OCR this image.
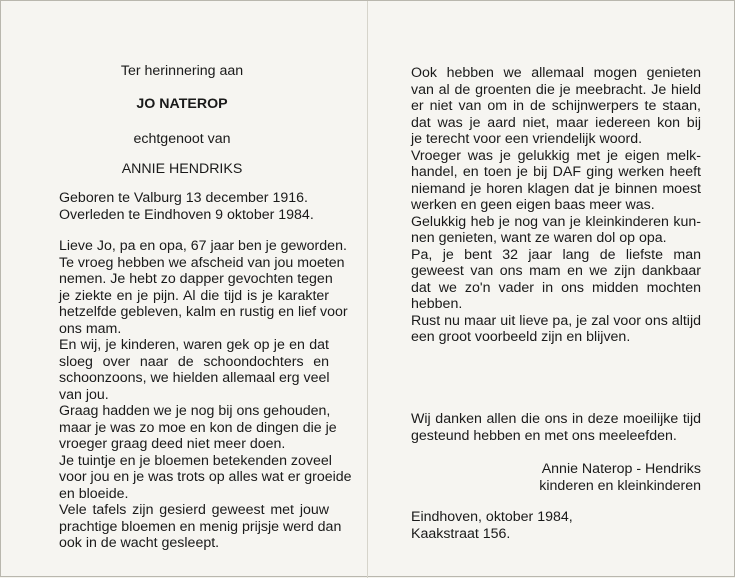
Ter herinnering aan
JO NATEROP
echtgenoot van
ANNIE HENDRIKS
Geboren te Valburg 13 december 1916.
Overleden te Eindhoven 9 oktober 1984.
Lieve Jo, pa en opa, 67 jaar ben je geworden.
Te vroeg hebben we afscheid van jou moeten
nemen. Je hebt zo dapper gevochten tegen
je ziekte en je pijn. Al die tijd is je karakter
hetzelfde gebleven, kalm en rustig en lief voor
ons mam.
En wij, je kinderen, waren gek op je en dat
sloeg over naar de schoondochters en
schoonzoons, we hielden allemaal erg veel
van jou.
Graag hadden we je nog bij ons gehouden,
maar je was zo moe en kon de dingen die je
vroeger graag deed niet meer doen.
Je tuintje en je bloemen betekenden zoveel
voor jou en je was trots op alles wat er groeide
en bloeide.
Vele tafels zijn gesierd geweest met jouw
prachtige bloemen en menig prijsje werd dan
ook in de wacht gesleept.
Ook hebben we allemaal mogen genieten
van al de groenten die je meebracht. Je hield
er niet van om in de schijnwerpers te staan,
dat was je aard niet, maar iedereen kon bij
je terecht voor een vriendelijk woord.
Vroeger was je gelukkig met je eigen melk-
handel, en toen je bij DAF ging werken heeft
niemand je horen klagen dat je binnen moest
werken en geen eigen baas meer was.
Gelukkig heb je nog van je kleinkinderen kun-
nen genieten, want ze waren dol op opa.
Pa, je bent 32 jaar lang de liefste man
geweest van ons mam en we zijn dankbaar
dat we zo'n vader in ons midden mochten
hebben.
Rust nu maar uit lieve pa, je zal voor ons altijd
een groot voorbeeld zijn en blijven.
Wij danken allen die ons in deze moeilijke tijd
gesteund hebben en met ons meeleefden.
Annie Naterop - Hendriks
kinderen en kleinkinderen
Eindhoven, oktober 1984,
Kaakstraat 156.
